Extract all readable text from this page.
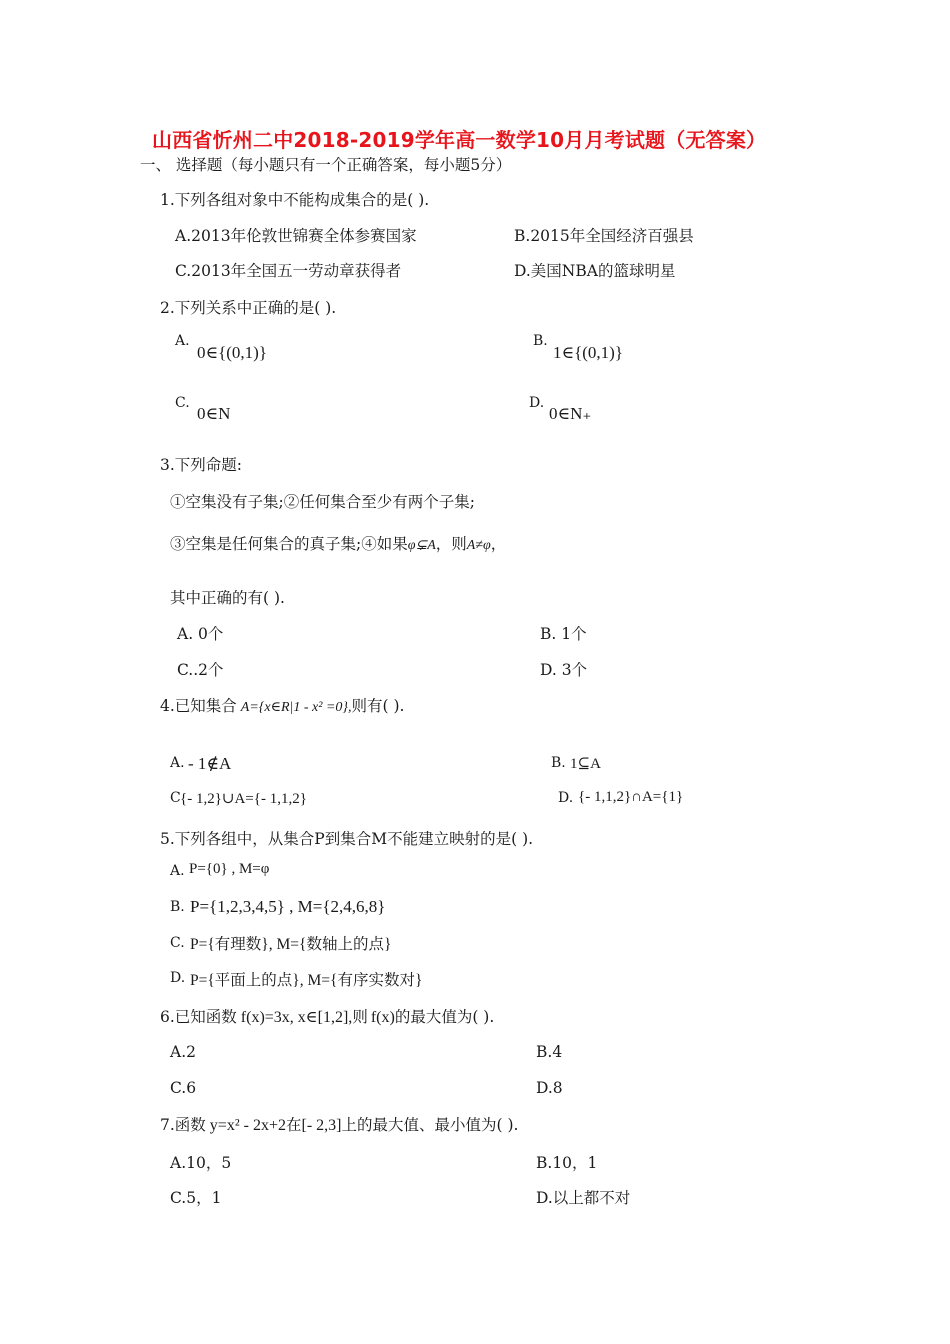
山西省忻州二中2018-2019学年高一数学10月月考试题（无答案）
一、 选择题（每小题只有一个正确答案，每小题5分）
1.下列各组对象中不能构成集合的是( ).
A.2013年伦敦世锦赛全体参赛国家	B.2015年全国经济百强县
C.2013年全国五一劳动章获得者	D.美国NBA的篮球明星
2.下列关系中正确的是( ).
A.
0∈{(0,1)}
B.
1∈{(0,1)}
C.
0∈N
D.
0∈N₊
3.下列命题:
①空集没有子集;②任何集合至少有两个子集;
③空集是任何集合的真子集;④如果φ⊊A，则A≠φ，
其中正确的有( ).
A. 0个	B. 1个
C..2个	D. 3个
4.已知集合 A={x∈R|1 - x² =0},则有( ).
A. - 1∉A	B. 1⊆A
C {- 1,2}∪A={- 1,1,2}	D. {- 1,1,2}∩A={1}
5.下列各组中，从集合P到集合M不能建立映射的是( ).
A. P={0} , M=φ
B. P={1,2,3,4,5} , M={2,4,6,8}
C. P={有理数}, M={数轴上的点}
D. P={平面上的点}, M={有序实数对}
6.已知函数 f(x)=3x, x∈[1,2],则 f(x)的最大值为( ).
A.2	B.4
C.6	D.8
7.函数 y=x² - 2x+2在[- 2,3]上的最大值、最小值为( ).
A.10，5	B.10，1
C.5，1	D.以上都不对
